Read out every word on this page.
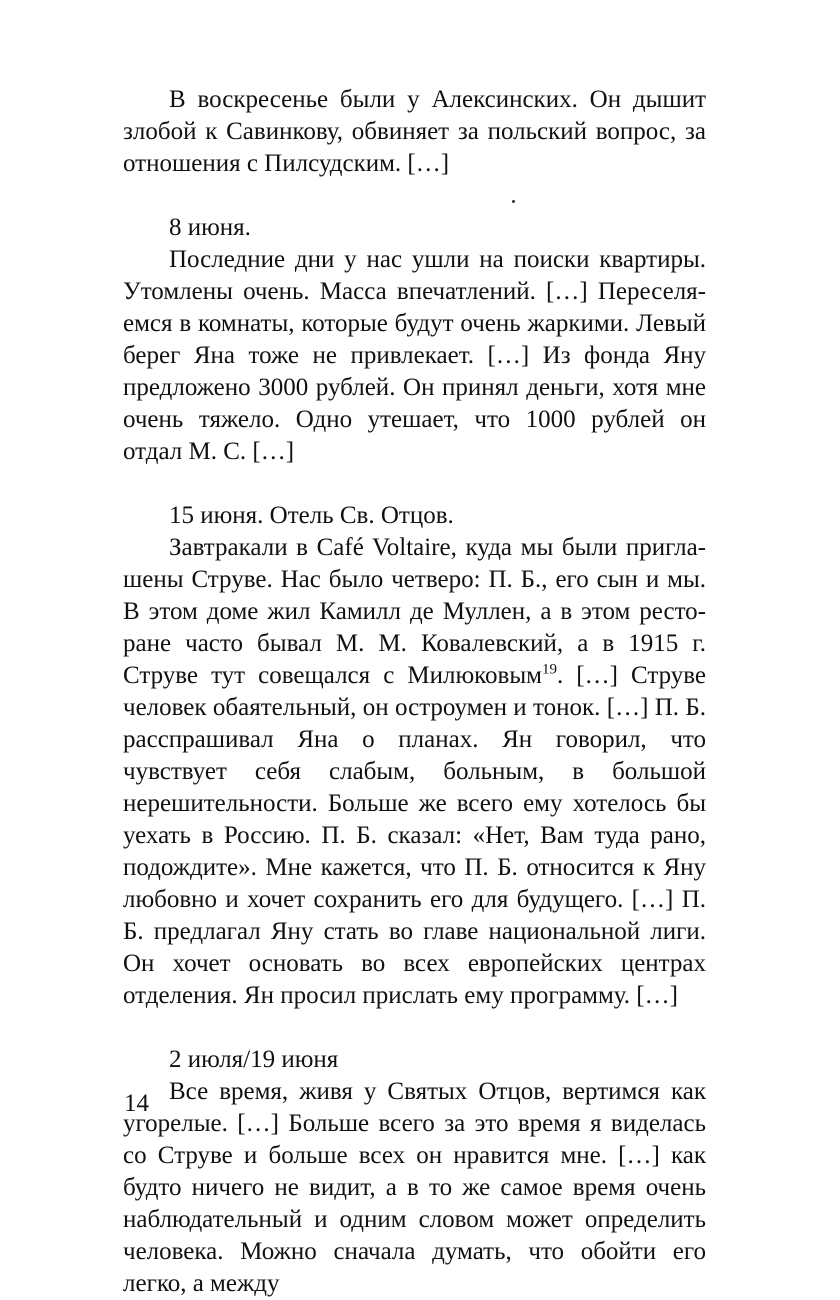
В воскресенье были у Алексинских. Он дышит злобой к Савинкову, обвиняет за польский вопрос, за отношения с Пилсудским. […]

8 июня.

Последние дни у нас ушли на поиски квартиры. Утомлены очень. Масса впечатлений. […] Переселяемся в комнаты, которые будут очень жаркими. Левый берег Яна тоже не привлекает. […] Из фонда Яну предложено 3000 рублей. Он принял деньги, хотя мне очень тяжело. Одно утешает, что 1000 рублей он отдал М. С. […]

15 июня. Отель Св. Отцов.

Завтракали в Café Voltaire, куда мы были приглашены Струве. Нас было четверо: П. Б., его сын и мы. В этом доме жил Камилл де Муллен, а в этом ресторане часто бывал М. М. Ковалевский, а в 1915 г. Струве тут совещался с Милюковым$^{19}$. […] Струве человек обаятельный, он остроумен и тонок. […] П. Б. расспрашивал Яна о планах. Ян говорил, что чувствует себя слабым, больным, в большой нерешительности. Больше же всего ему хотелось бы уехать в Россию. П. Б. сказал: «Нет, Вам туда рано, подождите». Мне кажется, что П. Б. относится к Яну любовно и хочет сохранить его для будущего. […] П. Б. предлагал Яну стать во главе национальной лиги. Он хочет основать во всех европейских центрах отделения. Ян просил прислать ему программу. […]

2 июля/19 июня

Все время, живя у Святых Отцов, вертимся как угорелые. […] Больше всего за это время я виделась со Струве и больше всех он нравится мне. […] как будто ничего не видит, а в то же самое время очень наблюдательный и одним словом может определить человека. Можно сначала думать, что обойти его легко, а между

14
